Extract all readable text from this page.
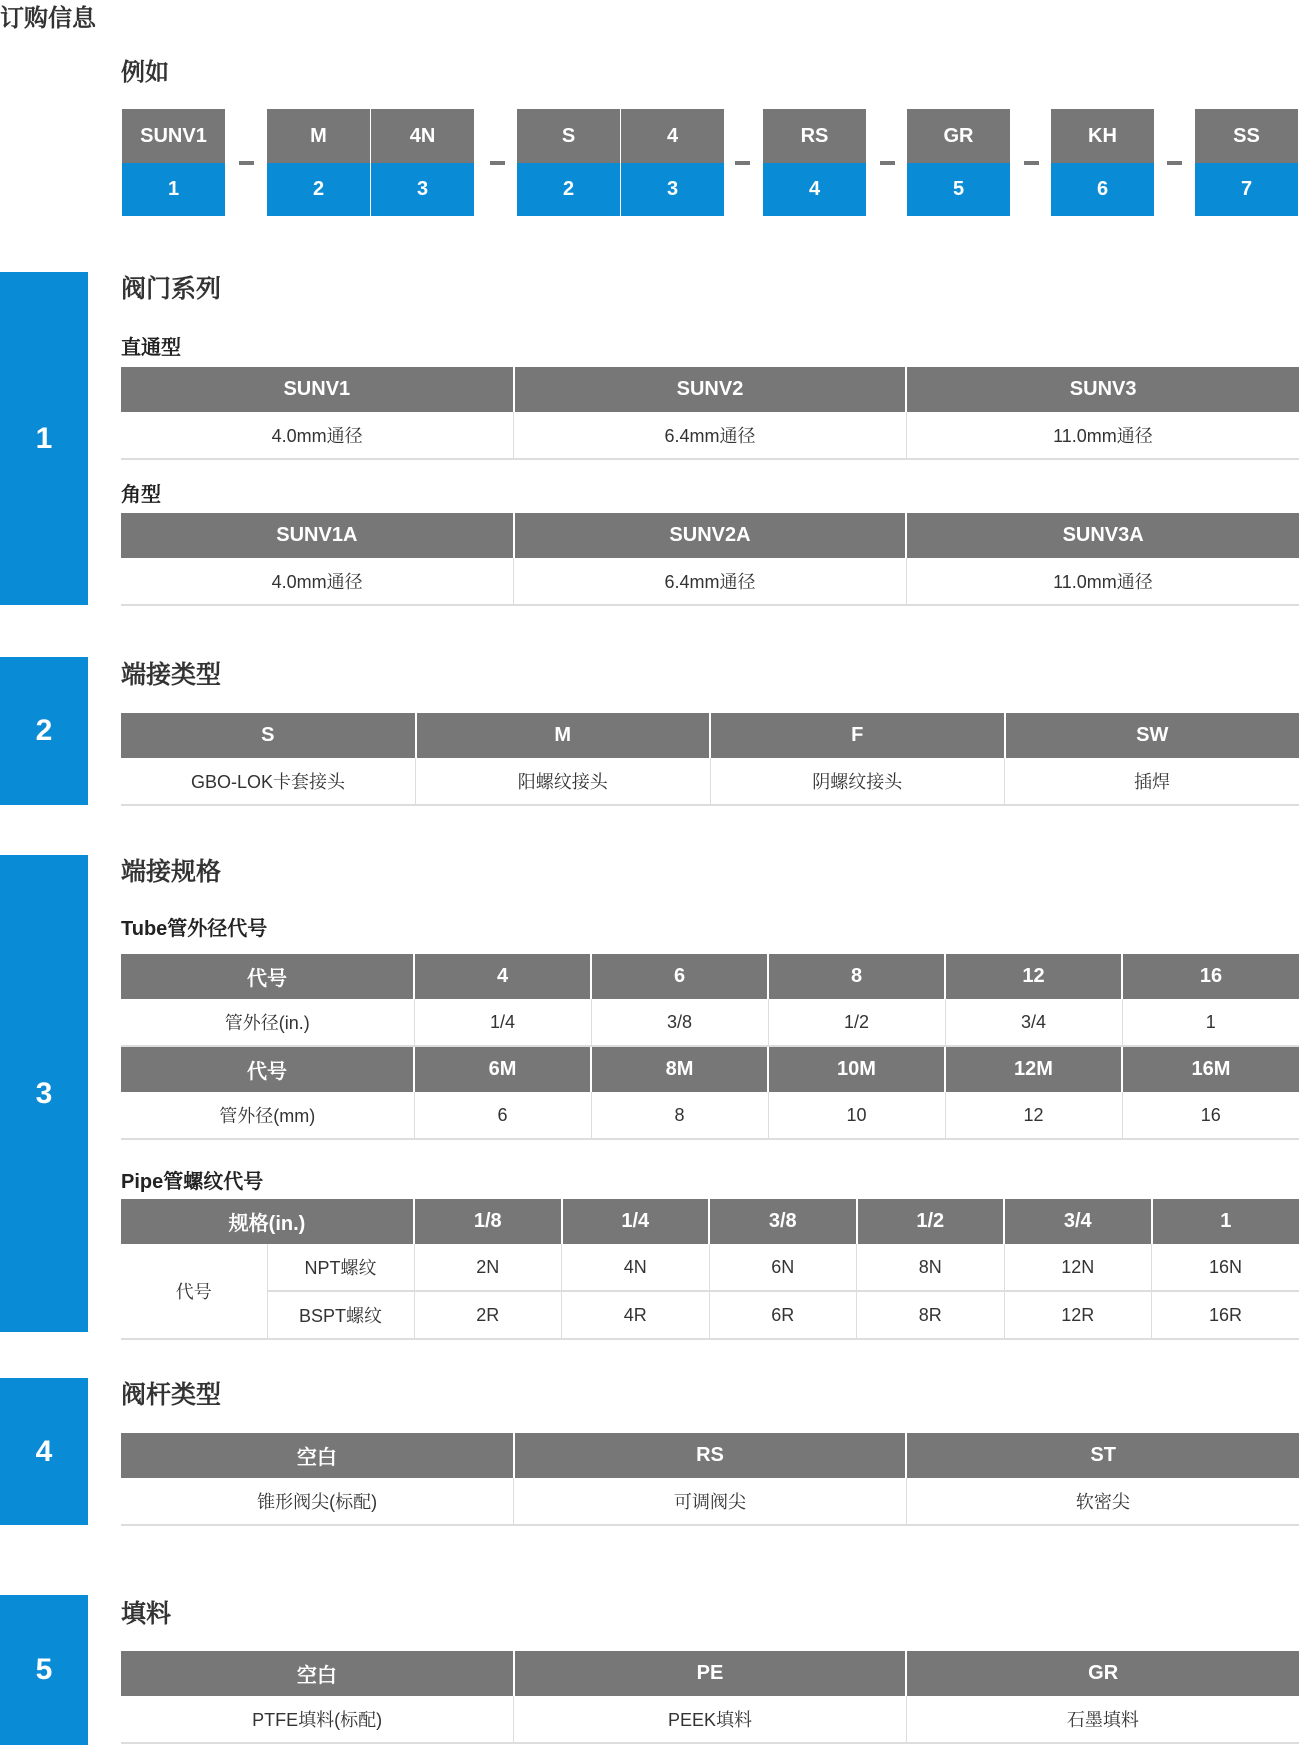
订购信息
例如
SUNV1
1
M
2
4N
3
S
2
4
3
RS
4
GR
5
KH
6
SS
7
1
阀门系列
直通型
SUNV1	SUNV2	SUNV3
4.0mm通径	6.4mm通径	11.0mm通径
角型
SUNV1A	SUNV2A	SUNV3A
4.0mm通径	6.4mm通径	11.0mm通径
2
端接类型
S	M	F	SW
GBO-LOK卡套接头	阳螺纹接头	阴螺纹接头	插焊
3
端接规格
Tube管外径代号
代号	4	6	8	12	16
管外径(in.)	1/4	3/8	1/2	3/4	1
代号	6M	8M	10M	12M	16M
管外径(mm)	6	8	10	12	16
Pipe管螺纹代号
规格(in.)		1/8	1/4	3/8	1/2	3/4	1
代号	NPT螺纹	2N	4N	6N	8N	12N	16N
	BSPT螺纹	2R	4R	6R	8R	12R	16R
4
阀杆类型
空白	RS	ST
锥形阀尖(标配)	可调阀尖	软密尖
5
填料
空白	PE	GR
PTFE填料(标配)	PEEK填料	石墨填料
